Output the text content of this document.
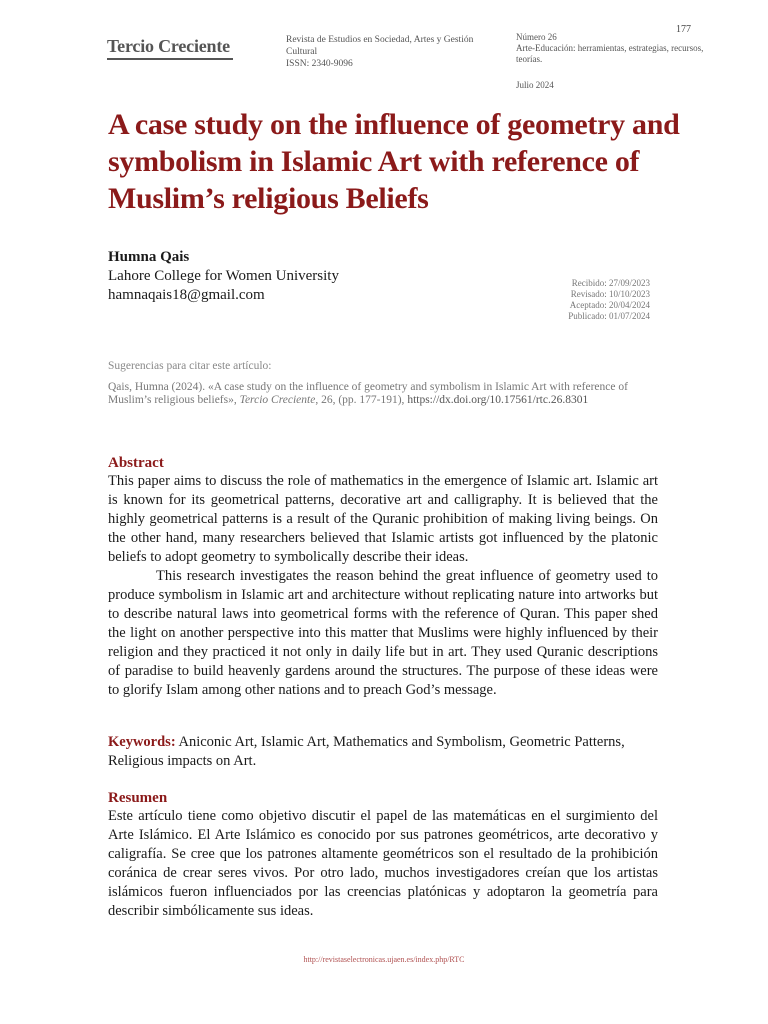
177
Tercio Creciente	Revista de Estudios en Sociedad, Artes y Gestión Cultural
ISSN: 2340-9096
Número 26
Arte-Educación: herramientas, estrategias, recursos, teorías.
Julio 2024
A case study on the influence of geometry and symbolism in Islamic Art with reference of Muslim’s religious Beliefs
Humna Qais
Lahore College for Women University
hamnaqais18@gmail.com
Recibido: 27/09/2023
Revisado: 10/10/2023
Aceptado: 20/04/2024
Publicado: 01/07/2024
Sugerencias para citar este artículo:
Qais, Humna (2024). «A case study on the influence of geometry and symbolism in Islamic Art with reference of Muslim’s religious beliefs», Tercio Creciente, 26, (pp. 177-191), https://dx.doi.org/10.17561/rtc.26.8301
Abstract

This paper aims to discuss the role of mathematics in the emergence of Islamic art. Islamic art is known for its geometrical patterns, decorative art and calligraphy. It is believed that the highly geometrical patterns is a result of the Quranic prohibition of making living beings. On the other hand, many researchers believed that Islamic artists got influenced by the platonic beliefs to adopt geometry to symbolically describe their ideas.

This research investigates the reason behind the great influence of geometry used to produce symbolism in Islamic art and architecture without replicating nature into artworks but to describe natural laws into geometrical forms with the reference of Quran. This paper shed the light on another perspective into this matter that Muslims were highly influenced by their religion and they practiced it not only in daily life but in art. They used Quranic descriptions of paradise to build heavenly gardens around the structures. The purpose of these ideas were to glorify Islam among other nations and to preach God’s message.

Keywords: Aniconic Art, Islamic Art, Mathematics and Symbolism, Geometric Patterns, Religious impacts on Art.

Resumen

Este artículo tiene como objetivo discutir el papel de las matemáticas en el surgimiento del Arte Islámico. El Arte Islámico es conocido por sus patrones geométricos, arte decorativo y caligrafía. Se cree que los patrones altamente geométricos son el resultado de la prohibición coránica de crear seres vivos. Por otro lado, muchos investigadores creían que los artistas islámicos fueron influenciados por las creencias platónicas y adoptaron la geometría para describir simbólicamente sus ideas.

http://revistaselectronicas.ujaen.es/index.php/RTC
